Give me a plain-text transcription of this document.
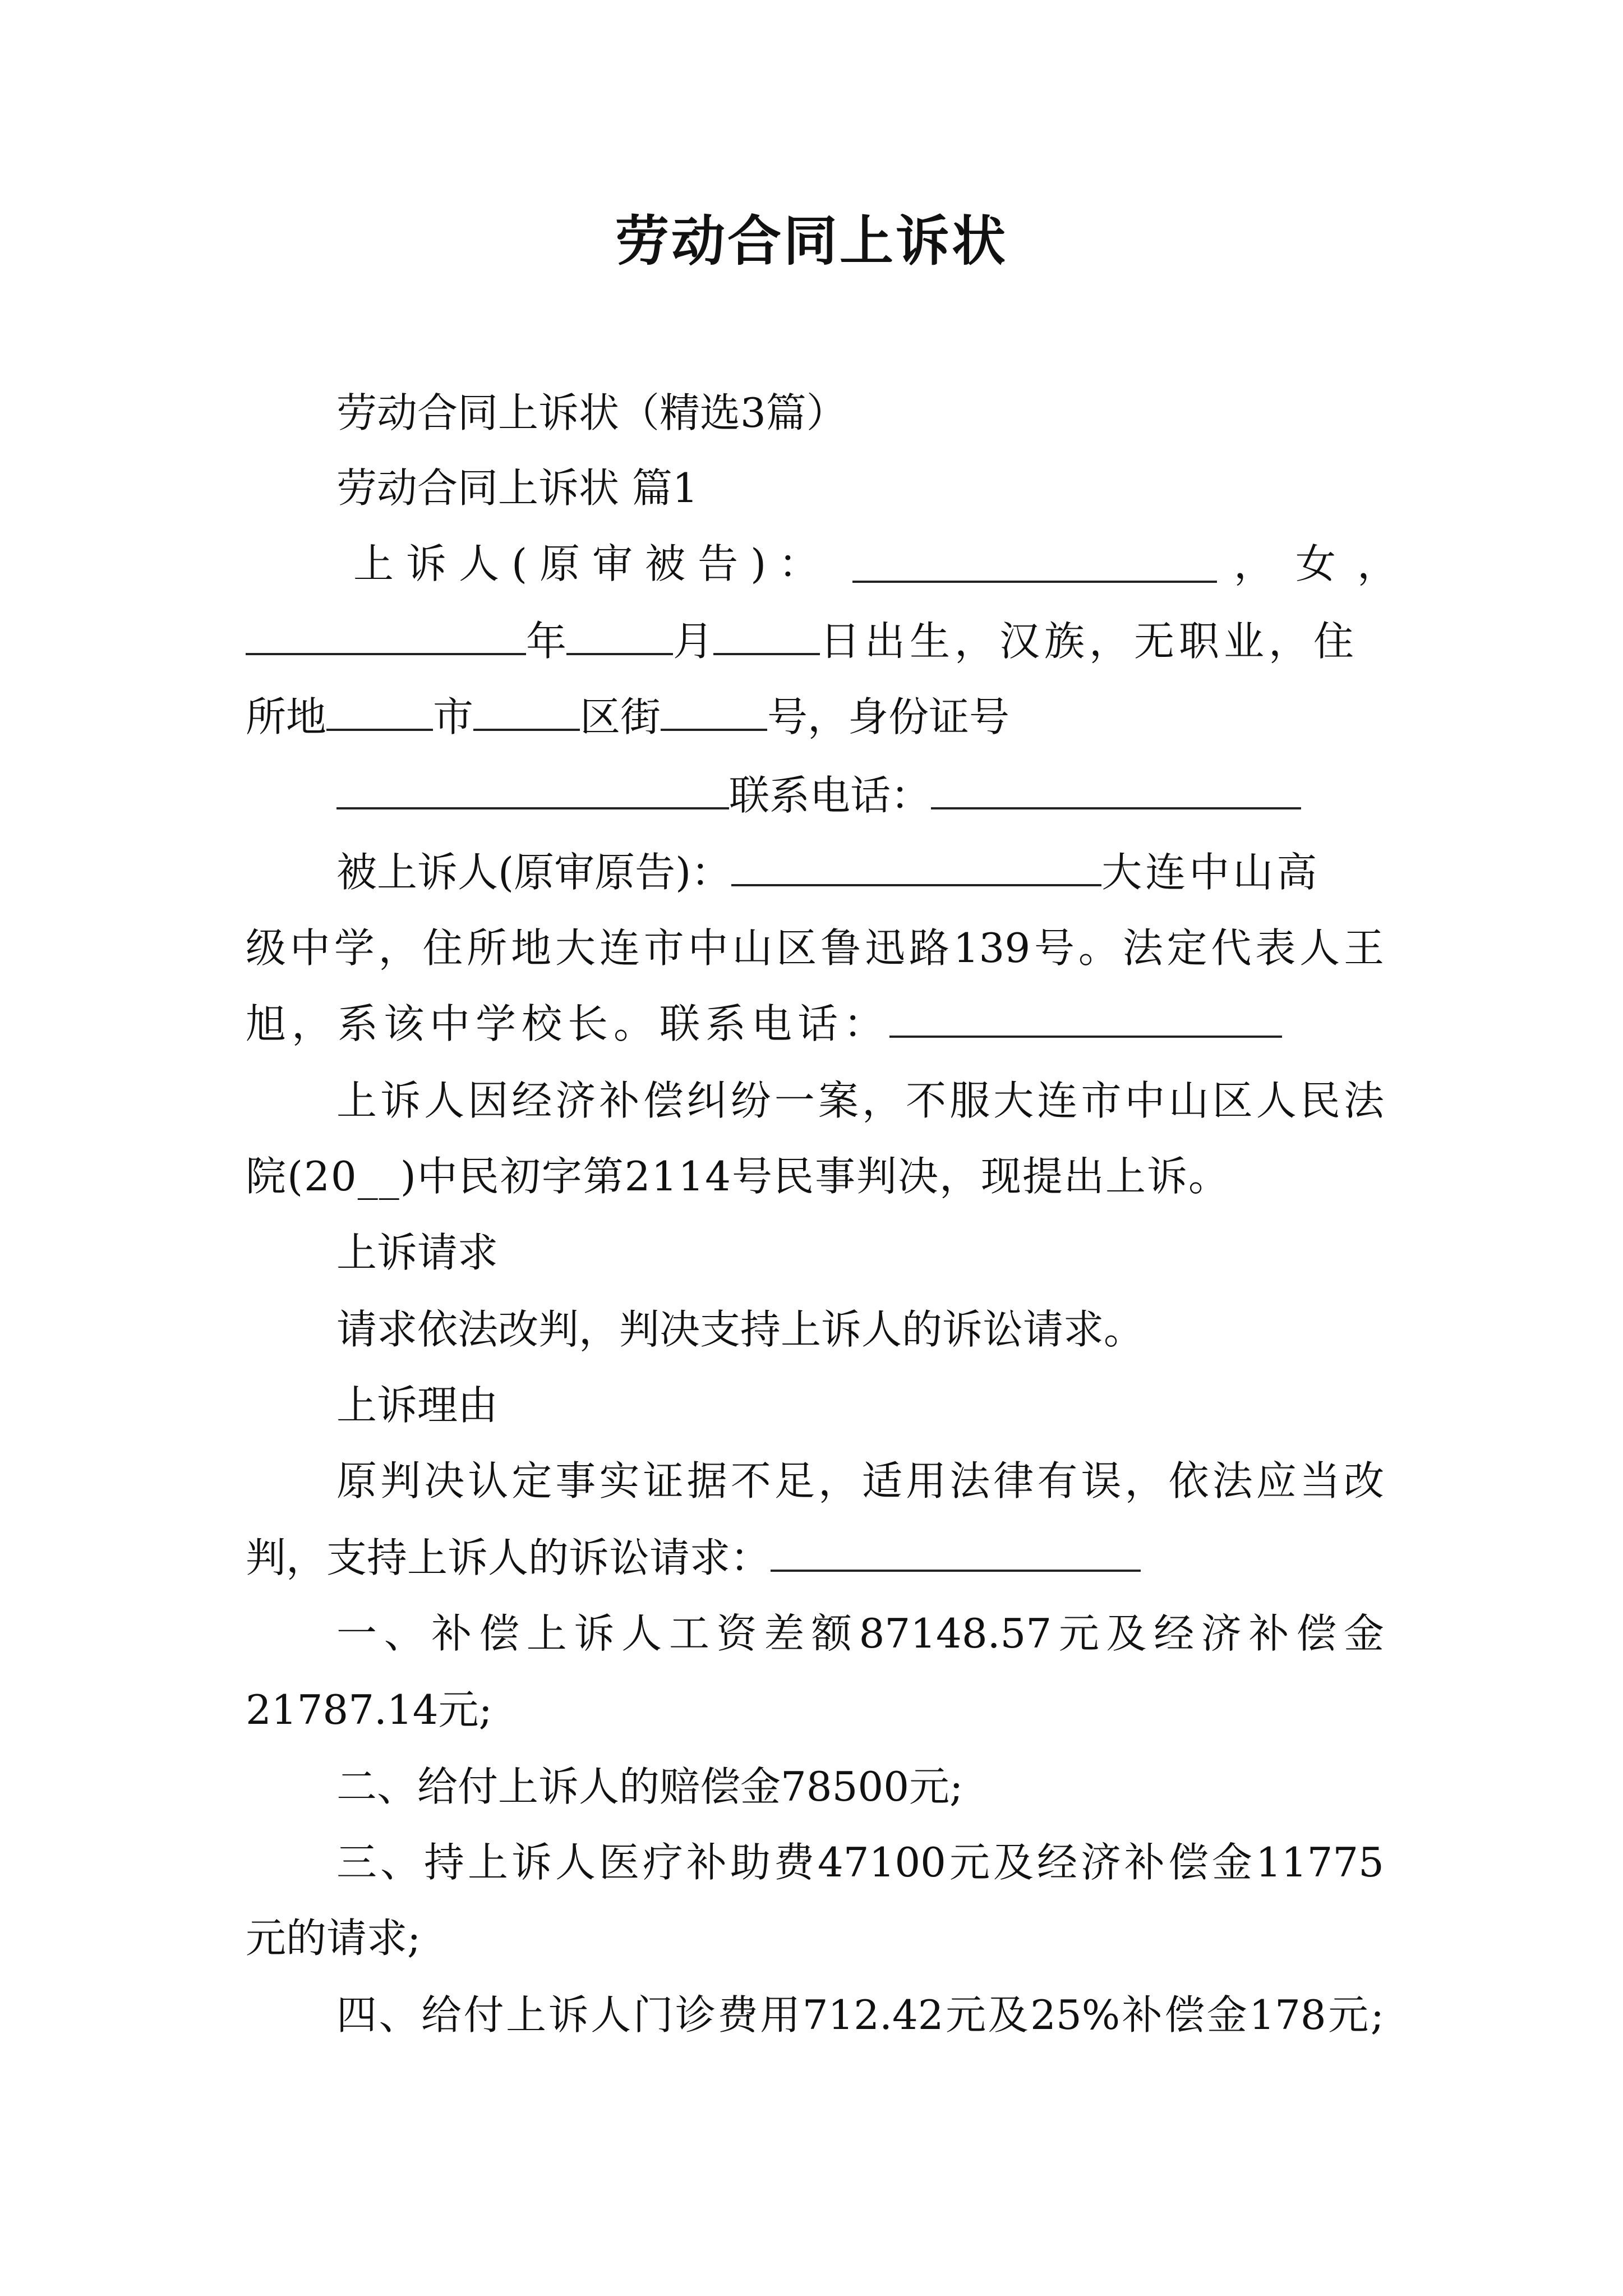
劳动合同上诉状
劳动合同上诉状（精选3篇）
劳动合同上诉状 篇1
上诉人(原审被告)：	，女，
年	月	日出生，汉族，无职业，住
所地	市	区街	号，身份证号
联系电话：
被上诉人(原审原告)：	大连中山高
级中学，住所地大连市中山区鲁迅路139号。法定代表人王
旭，系该中学校长。联系电话：
上诉人因经济补偿纠纷一案，不服大连市中山区人民法
院(20__)中民初字第2114号民事判决，现提出上诉。
上诉请求
请求依法改判，判决支持上诉人的诉讼请求。
上诉理由
原判决认定事实证据不足，适用法律有误，依法应当改
判，支持上诉人的诉讼请求：
一、补偿上诉人工资差额87148.57元及经济补偿金
21787.14元;
二、给付上诉人的赔偿金78500元;
三、持上诉人医疗补助费47100元及经济补偿金11775
元的请求;
四、给付上诉人门诊费用712.42元及25%补偿金178元;
